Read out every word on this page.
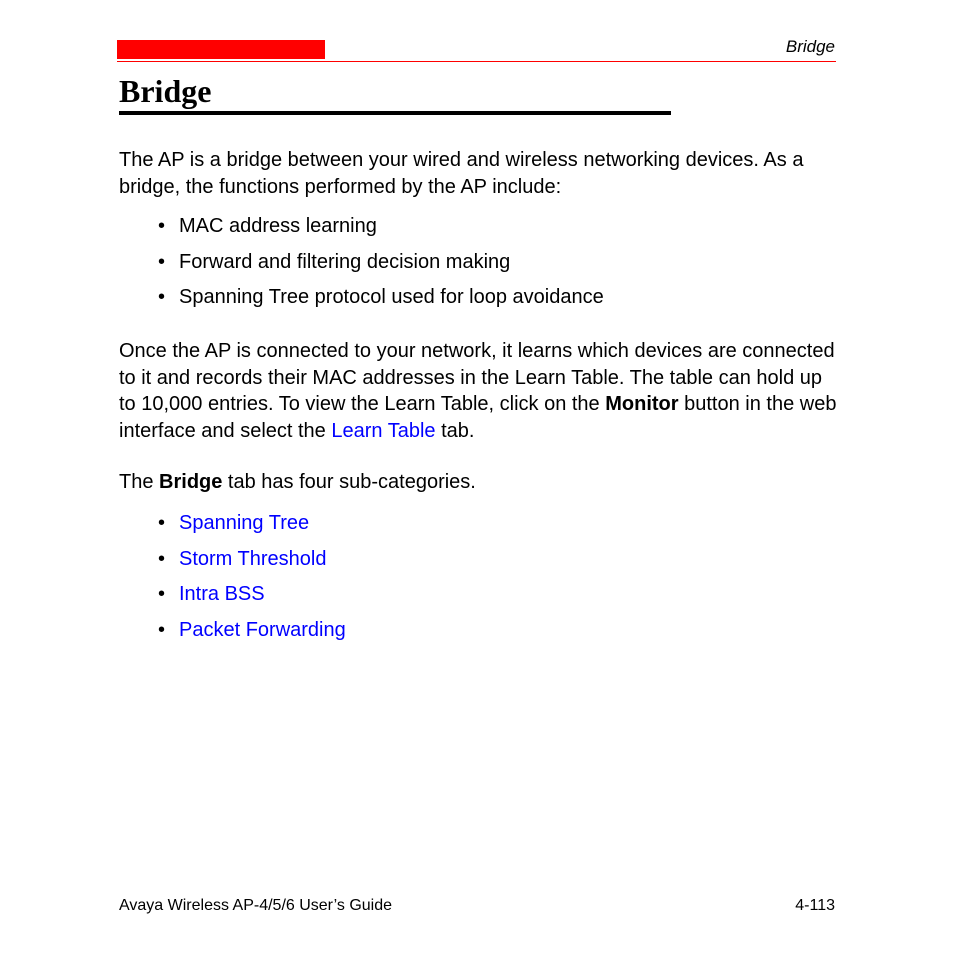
Bridge
Bridge

The AP is a bridge between your wired and wireless networking devices. As a bridge, the functions performed by the AP include:

• MAC address learning
• Forward and filtering decision making
• Spanning Tree protocol used for loop avoidance

Once the AP is connected to your network, it learns which devices are connected to it and records their MAC addresses in the Learn Table. The table can hold up to 10,000 entries. To view the Learn Table, click on the Monitor button in the web interface and select the Learn Table tab.

The Bridge tab has four sub-categories.

• Spanning Tree
• Storm Threshold
• Intra BSS
• Packet Forwarding
Avaya Wireless AP-4/5/6 User’s Guide	4-113
